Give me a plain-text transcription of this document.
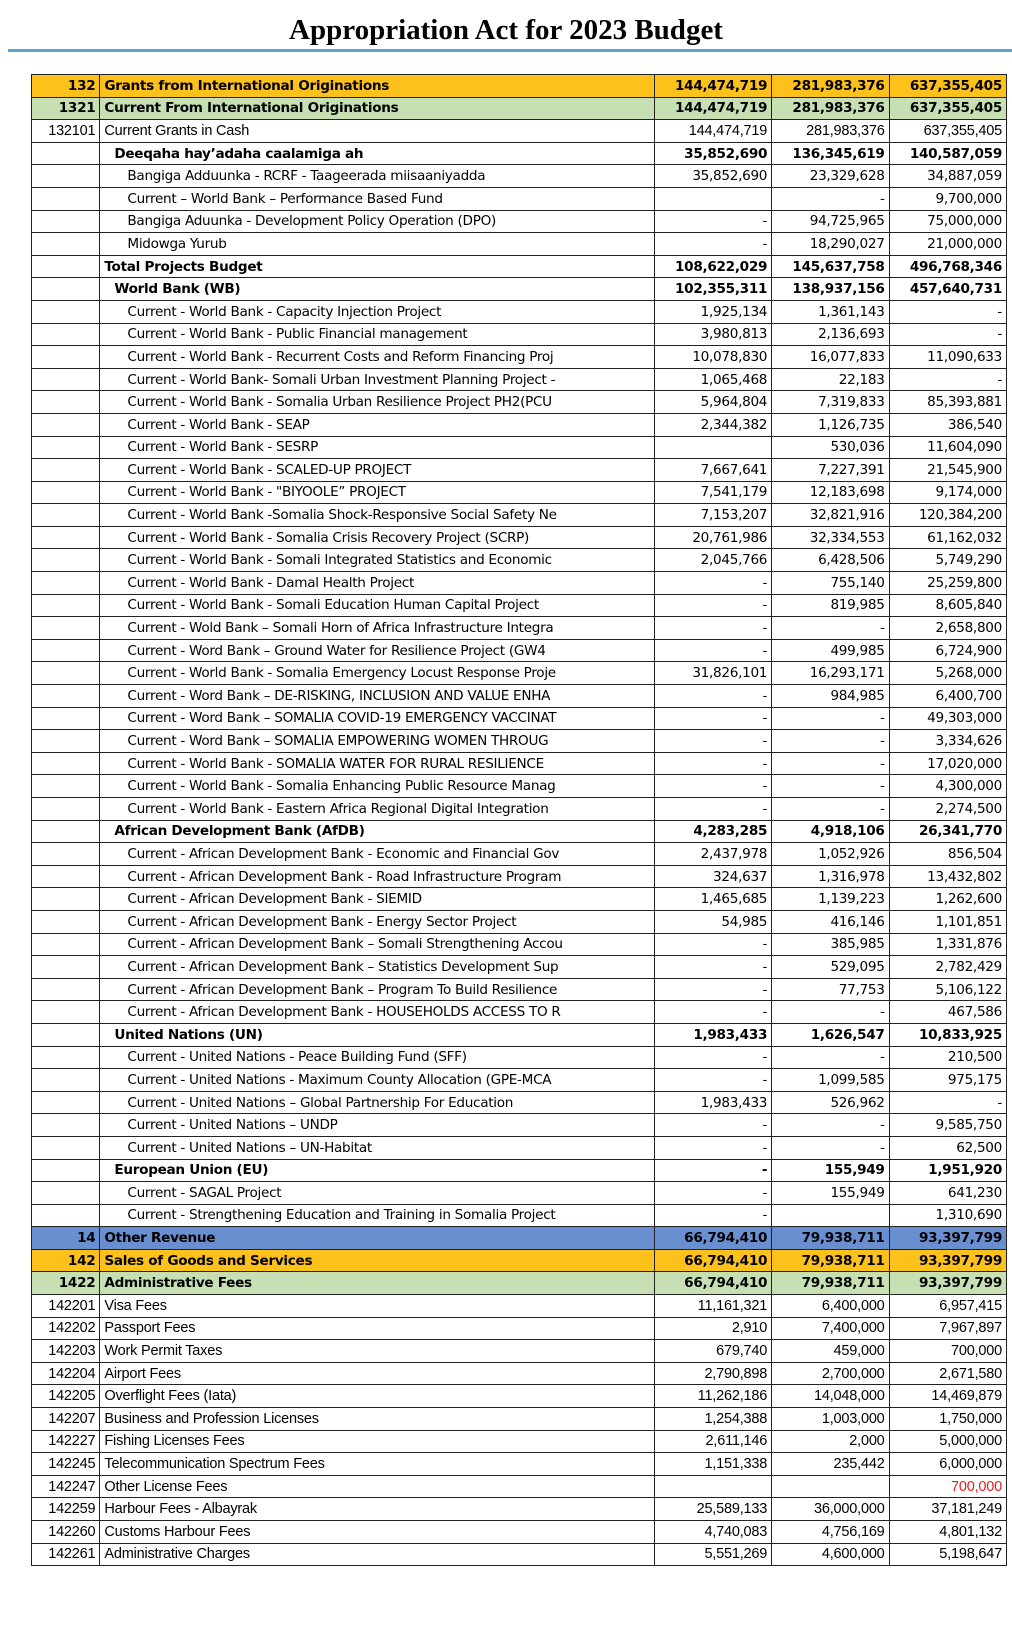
Appropriation Act for 2023 Budget
132	Grants from International Originations	144,474,719	281,983,376	637,355,405
1321	Current From International Originations	144,474,719	281,983,376	637,355,405
132101	Current Grants in Cash	144,474,719	281,983,376	637,355,405
	Deeqaha hay’adaha caalamiga ah	35,852,690	136,345,619	140,587,059
	Bangiga Adduunka - RCRF - Taageerada miisaaniyadda	35,852,690	23,329,628	34,887,059
	Current – World Bank – Performance Based Fund		-	9,700,000
	Bangiga Aduunka - Development Policy Operation (DPO)	-	94,725,965	75,000,000
	Midowga Yurub	-	18,290,027	21,000,000
	Total Projects Budget	108,622,029	145,637,758	496,768,346
	World Bank (WB)	102,355,311	138,937,156	457,640,731
	Current - World Bank - Capacity Injection Project	1,925,134	1,361,143	-
	Current - World Bank - Public Financial management	3,980,813	2,136,693	-
	Current - World Bank - Recurrent Costs and Reform Financing Proj	10,078,830	16,077,833	11,090,633
	Current - World Bank- Somali Urban Investment Planning Project -	1,065,468	22,183	-
	Current - World Bank - Somalia Urban Resilience Project PH2(PCU	5,964,804	7,319,833	85,393,881
	Current - World Bank - SEAP	2,344,382	1,126,735	386,540
	Current - World Bank - SESRP		530,036	11,604,090
	Current - World Bank - SCALED-UP PROJECT	7,667,641	7,227,391	21,545,900
	Current - World Bank - "BIYOOLE” PROJECT	7,541,179	12,183,698	9,174,000
	Current - World Bank -Somalia Shock-Responsive Social Safety Ne	7,153,207	32,821,916	120,384,200
	Current - World Bank - Somalia Crisis Recovery Project (SCRP)	20,761,986	32,334,553	61,162,032
	Current - World Bank - Somali Integrated Statistics and Economic	2,045,766	6,428,506	5,749,290
	Current - World Bank - Damal Health Project	-	755,140	25,259,800
	Current - World Bank - Somali Education Human Capital Project	-	819,985	8,605,840
	Current - Wold Bank – Somali Horn of Africa Infrastructure Integra	-	-	2,658,800
	Current - Word Bank – Ground Water for Resilience Project (GW4	-	499,985	6,724,900
	Current - World Bank - Somalia Emergency Locust Response Proje	31,826,101	16,293,171	5,268,000
	Current - Word Bank – DE-RISKING, INCLUSION AND VALUE ENHA	-	984,985	6,400,700
	Current - Word Bank – SOMALIA COVID-19 EMERGENCY VACCINAT	-	-	49,303,000
	Current - Word Bank – SOMALIA EMPOWERING WOMEN THROUG	-	-	3,334,626
	Current - World Bank - SOMALIA WATER FOR RURAL RESILIENCE	-	-	17,020,000
	Current - World Bank - Somalia Enhancing Public Resource Manag	-	-	4,300,000
	Current - World Bank - Eastern Africa Regional Digital Integration	-	-	2,274,500
	African Development Bank (AfDB)	4,283,285	4,918,106	26,341,770
	Current - African Development Bank - Economic and Financial Gov	2,437,978	1,052,926	856,504
	Current - African Development Bank - Road Infrastructure Program	324,637	1,316,978	13,432,802
	Current - African Development Bank - SIEMID	1,465,685	1,139,223	1,262,600
	Current - African Development Bank - Energy Sector Project	54,985	416,146	1,101,851
	Current - African Development Bank – Somali Strengthening Accou	-	385,985	1,331,876
	Current - African Development Bank – Statistics Development Sup	-	529,095	2,782,429
	Current - African Development Bank – Program To Build Resilience	-	77,753	5,106,122
	Current - African Development Bank - HOUSEHOLDS ACCESS TO R	-	-	467,586
	United Nations (UN)	1,983,433	1,626,547	10,833,925
	Current - United Nations - Peace Building Fund (SFF)	-	-	210,500
	Current - United Nations - Maximum County Allocation (GPE-MCA	-	1,099,585	975,175
	Current - United Nations – Global Partnership For Education	1,983,433	526,962	-
	Current - United Nations – UNDP	-	-	9,585,750
	Current - United Nations – UN-Habitat	-	-	62,500
	European Union (EU)	-	155,949	1,951,920
	Current - SAGAL Project	-	155,949	641,230
	Current - Strengthening Education and Training in Somalia Project	-		1,310,690
14	Other Revenue	66,794,410	79,938,711	93,397,799
142	Sales of Goods and Services	66,794,410	79,938,711	93,397,799
1422	Administrative Fees	66,794,410	79,938,711	93,397,799
142201	Visa Fees	11,161,321	6,400,000	6,957,415
142202	Passport Fees	2,910	7,400,000	7,967,897
142203	Work Permit Taxes	679,740	459,000	700,000
142204	Airport Fees	2,790,898	2,700,000	2,671,580
142205	Overflight Fees (Iata)	11,262,186	14,048,000	14,469,879
142207	Business and Profession Licenses	1,254,388	1,003,000	1,750,000
142227	Fishing Licenses Fees	2,611,146	2,000	5,000,000
142245	Telecommunication Spectrum Fees	1,151,338	235,442	6,000,000
142247	Other License Fees			700,000
142259	Harbour Fees - Albayrak	25,589,133	36,000,000	37,181,249
142260	Customs Harbour Fees	4,740,083	4,756,169	4,801,132
142261	Administrative Charges	5,551,269	4,600,000	5,198,647
